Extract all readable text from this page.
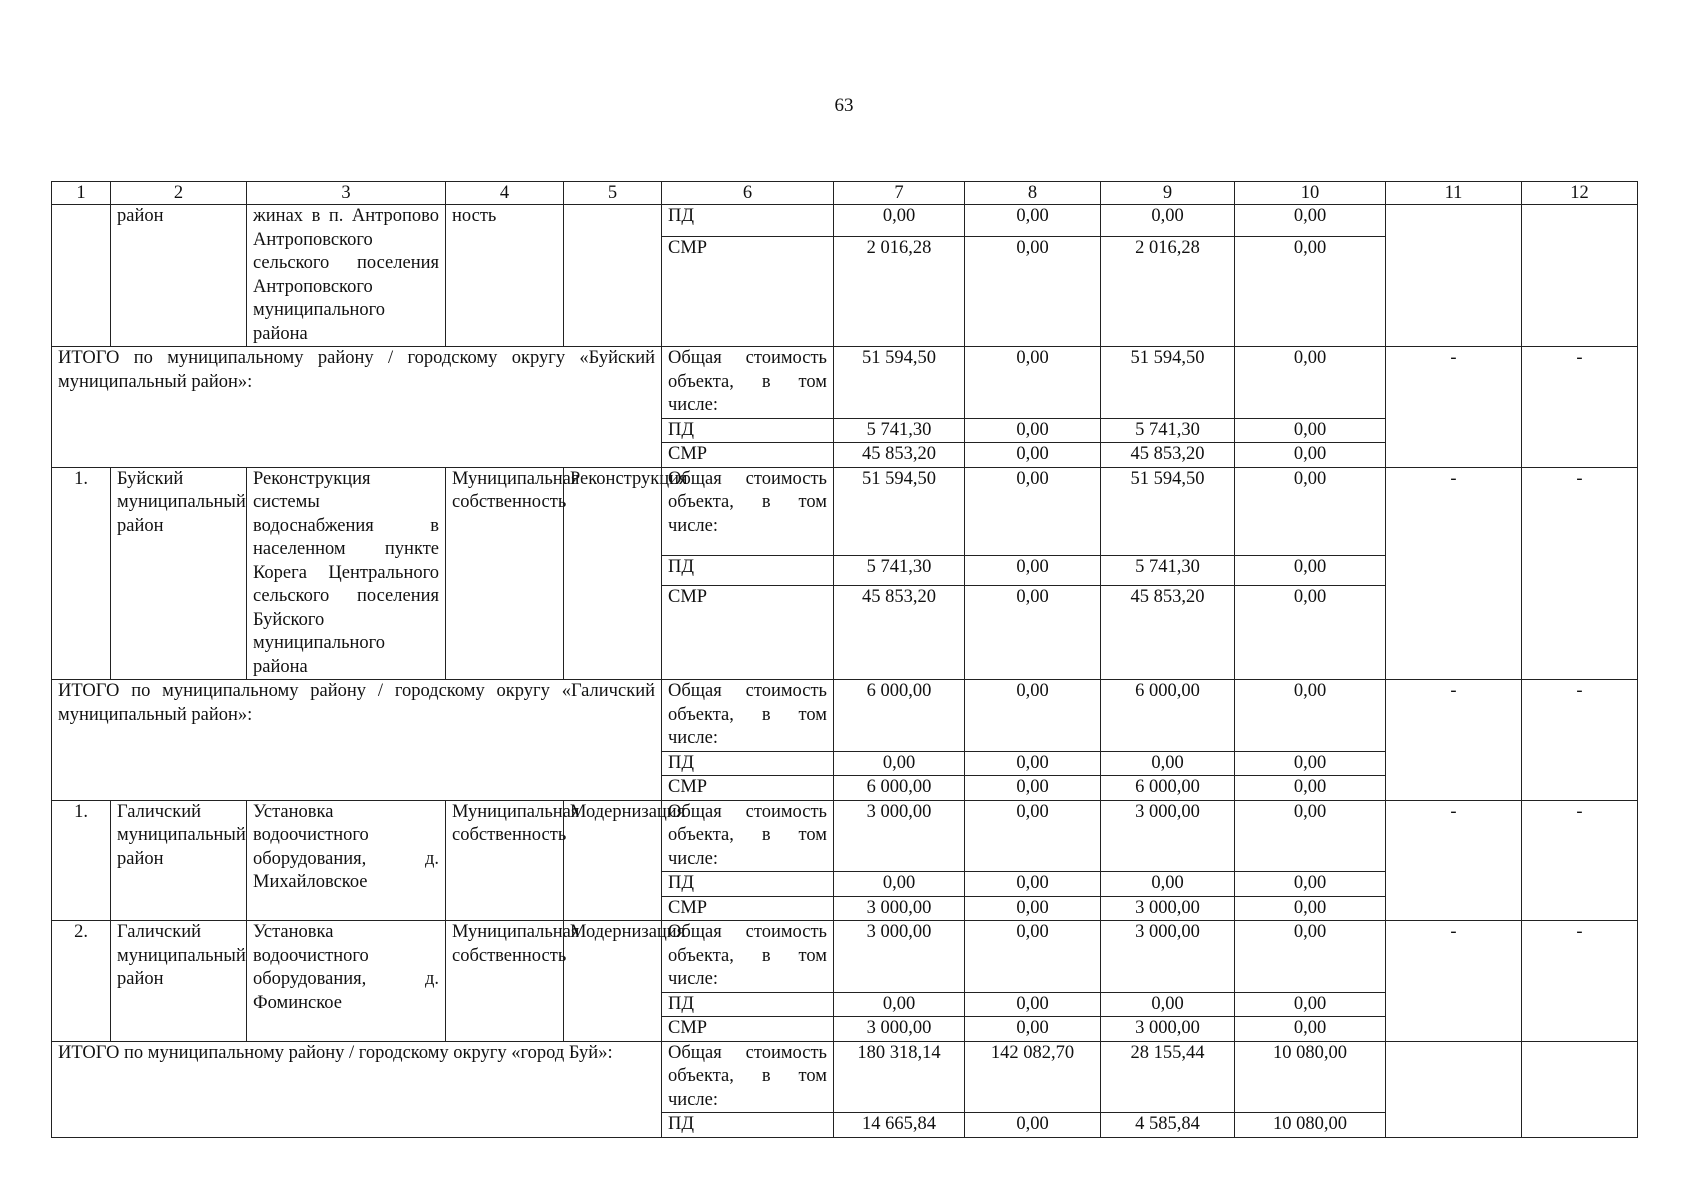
63
1	2	3	4	5	6	7	8	9	10	11	12
	район	жинах в п. Антропово Антроповского сельского поселения Антроповского муниципального района	ность		ПД	0,00	0,00	0,00	0,00		
					СМР	2 016,28	0,00	2 016,28	0,00		
ИТОГО по муниципальному району / городскому округу «Буйский муниципальный район»:					Общая стоимость объекта, в том числе:	51 594,50	0,00	51 594,50	0,00	-	-
					ПД	5 741,30	0,00	5 741,30	0,00		
					СМР	45 853,20	0,00	45 853,20	0,00		
1.	Буйский муниципальный район	Реконструкция системы водоснабжения в населенном пункте Корега Центрального сельского поселения Буйского муниципального района	Муниципальная собственность	Реконструкция	Общая стоимость объекта, в том числе:	51 594,50	0,00	51 594,50	0,00	-	-
					ПД	5 741,30	0,00	5 741,30	0,00		
					СМР	45 853,20	0,00	45 853,20	0,00		
ИТОГО по муниципальному району / городскому округу «Галичский муниципальный район»:					Общая стоимость объекта, в том числе:	6 000,00	0,00	6 000,00	0,00	-	-
					ПД	0,00	0,00	0,00	0,00		
					СМР	6 000,00	0,00	6 000,00	0,00		
1.	Галичский муниципальный район	Установка водоочистного оборудования, д. Михайловское	Муниципальная собственность	Модернизация	Общая стоимость объекта, в том числе:	3 000,00	0,00	3 000,00	0,00	-	-
					ПД	0,00	0,00	0,00	0,00		
					СМР	3 000,00	0,00	3 000,00	0,00		
2.	Галичский муниципальный район	Установка водоочистного оборудования, д. Фоминское	Муниципальная собственность	Модернизация	Общая стоимость объекта, в том числе:	3 000,00	0,00	3 000,00	0,00	-	-
					ПД	0,00	0,00	0,00	0,00		
					СМР	3 000,00	0,00	3 000,00	0,00		
ИТОГО по муниципальному району / городскому округу «город Буй»:					Общая стоимость объекта, в том числе:	180 318,14	142 082,70	28 155,44	10 080,00		
					ПД	14 665,84	0,00	4 585,84	10 080,00		
